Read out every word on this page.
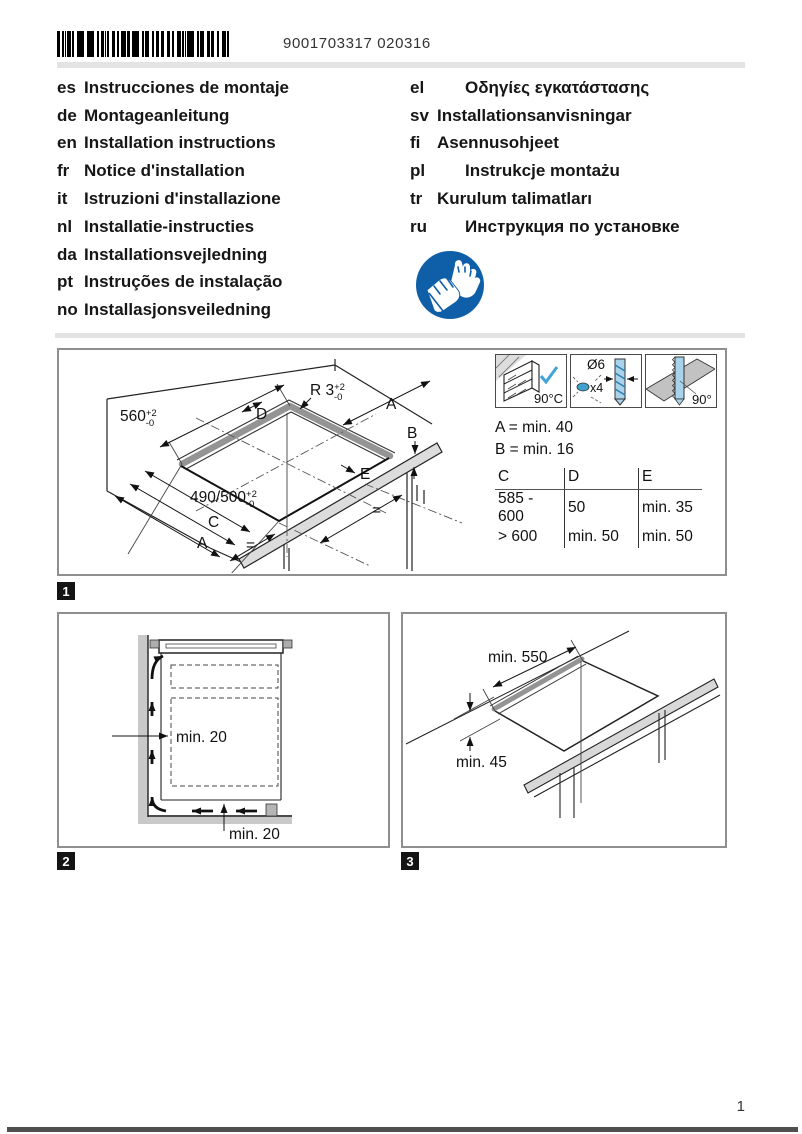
9001703317 020316
es Instrucciones de montaje
de Montageanleitung
en Installation instructions
fr Notice d'installation
it Istruzioni d'installazione
nl Installatie-instructies
da Installationsvejledning
pt Instruções de instalação
no Installasjonsveiledning
el	Οδηγίες εγκατάστασης
sv Installationsanvisningar
fi Asennusohjeet
pl	Instrukcje montażu
tr Kurulum talimatları
ru	Инструкция по установке
$560^{+2}$ -0
D
R $3^{+2}$ -0	A
B
E
$490/500^{+2}$ -0
C
A =
=
90°C
Ø6
x4
90°
A = min. 40
B = min. 16
C	D	E
585 - 600	50	min. 35
> 600	min. 50	min. 50
1
min. 20
min. 20
2
min. 550
min. 45
3
1
